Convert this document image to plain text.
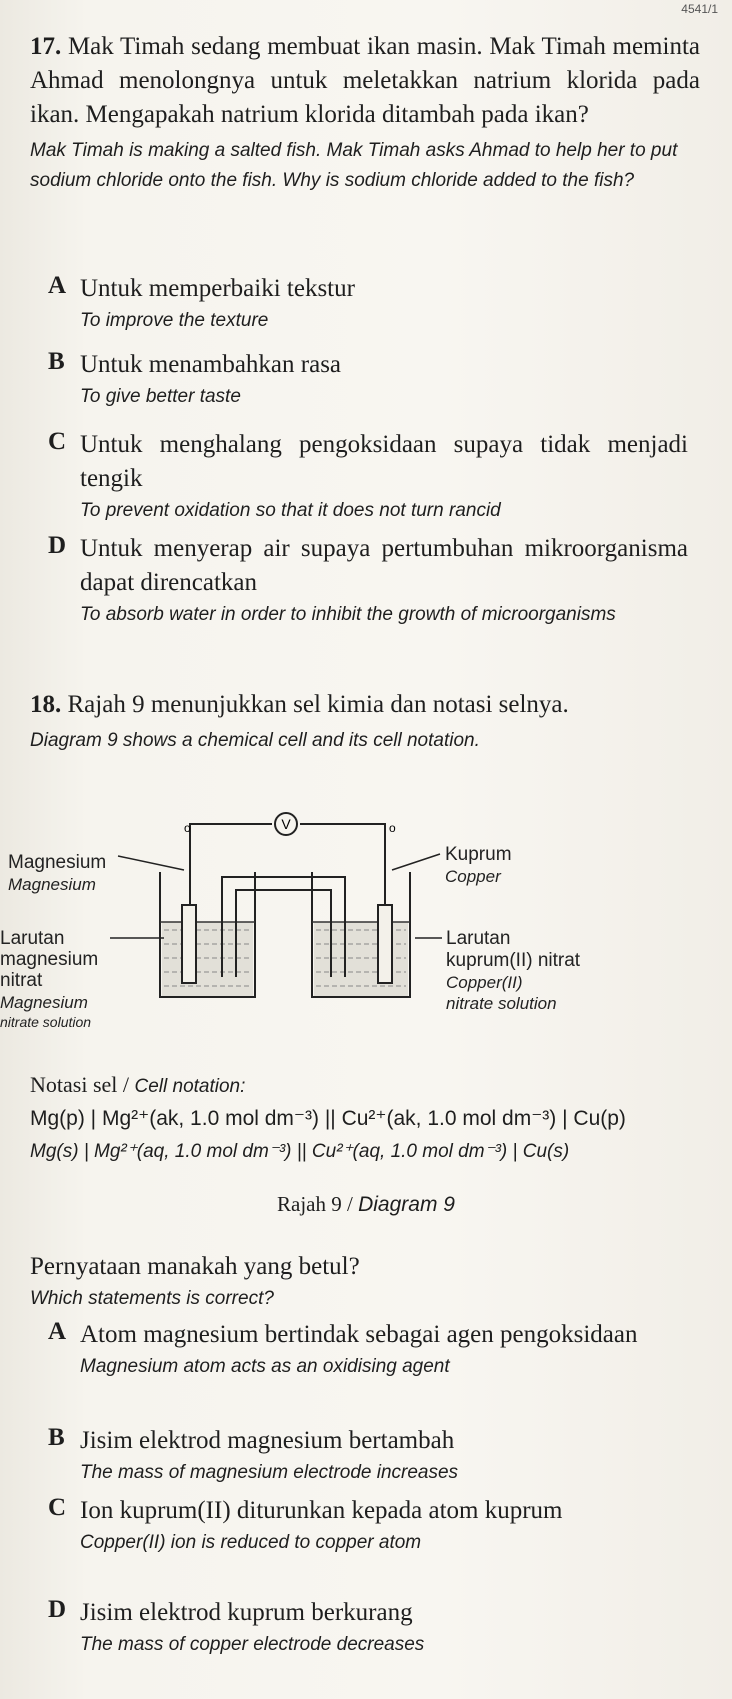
4541/1
17. Mak Timah sedang membuat ikan masin. Mak Timah meminta Ahmad menolongnya untuk meletakkan natrium klorida pada ikan. Mengapakah natrium klorida ditambah pada ikan?
Mak Timah is making a salted fish. Mak Timah asks Ahmad to help her to put sodium chloride onto the fish. Why is sodium chloride added to the fish?
A Untuk memperbaiki tekstur
To improve the texture
B Untuk menambahkan rasa
To give better taste
C Untuk menghalang pengoksidaan supaya tidak menjadi tengik
To prevent oxidation so that it does not turn rancid
D Untuk menyerap air supaya pertumbuhan mikroorganisma dapat direncatkan
To absorb water in order to inhibit the growth of microorganisms
18. Rajah 9 menunjukkan sel kimia dan notasi selnya.
Diagram 9 shows a chemical cell and its cell notation.
V
o	o
Magnesium
Magnesium
Larutan
magnesium
nitrat
Magnesium
nitrate solution
Kuprum
Copper
Larutan
kuprum(II) nitrat
Copper(II)
nitrate solution
Notasi sel / Cell notation:
Mg(p) | Mg²⁺(ak, 1.0 mol dm⁻³) || Cu²⁺(ak, 1.0 mol dm⁻³) | Cu(p)
Mg(s) | Mg²⁺(aq, 1.0 mol dm⁻³) || Cu²⁺(aq, 1.0 mol dm⁻³) | Cu(s)
Rajah 9 / Diagram 9
Pernyataan manakah yang betul?
Which statements is correct?
A Atom magnesium bertindak sebagai agen pengoksidaan
Magnesium atom acts as an oxidising agent
B Jisim elektrod magnesium bertambah
The mass of magnesium electrode increases
C Ion kuprum(II) diturunkan kepada atom kuprum
Copper(II) ion is reduced to copper atom
D Jisim elektrod kuprum berkurang
The mass of copper electrode decreases
